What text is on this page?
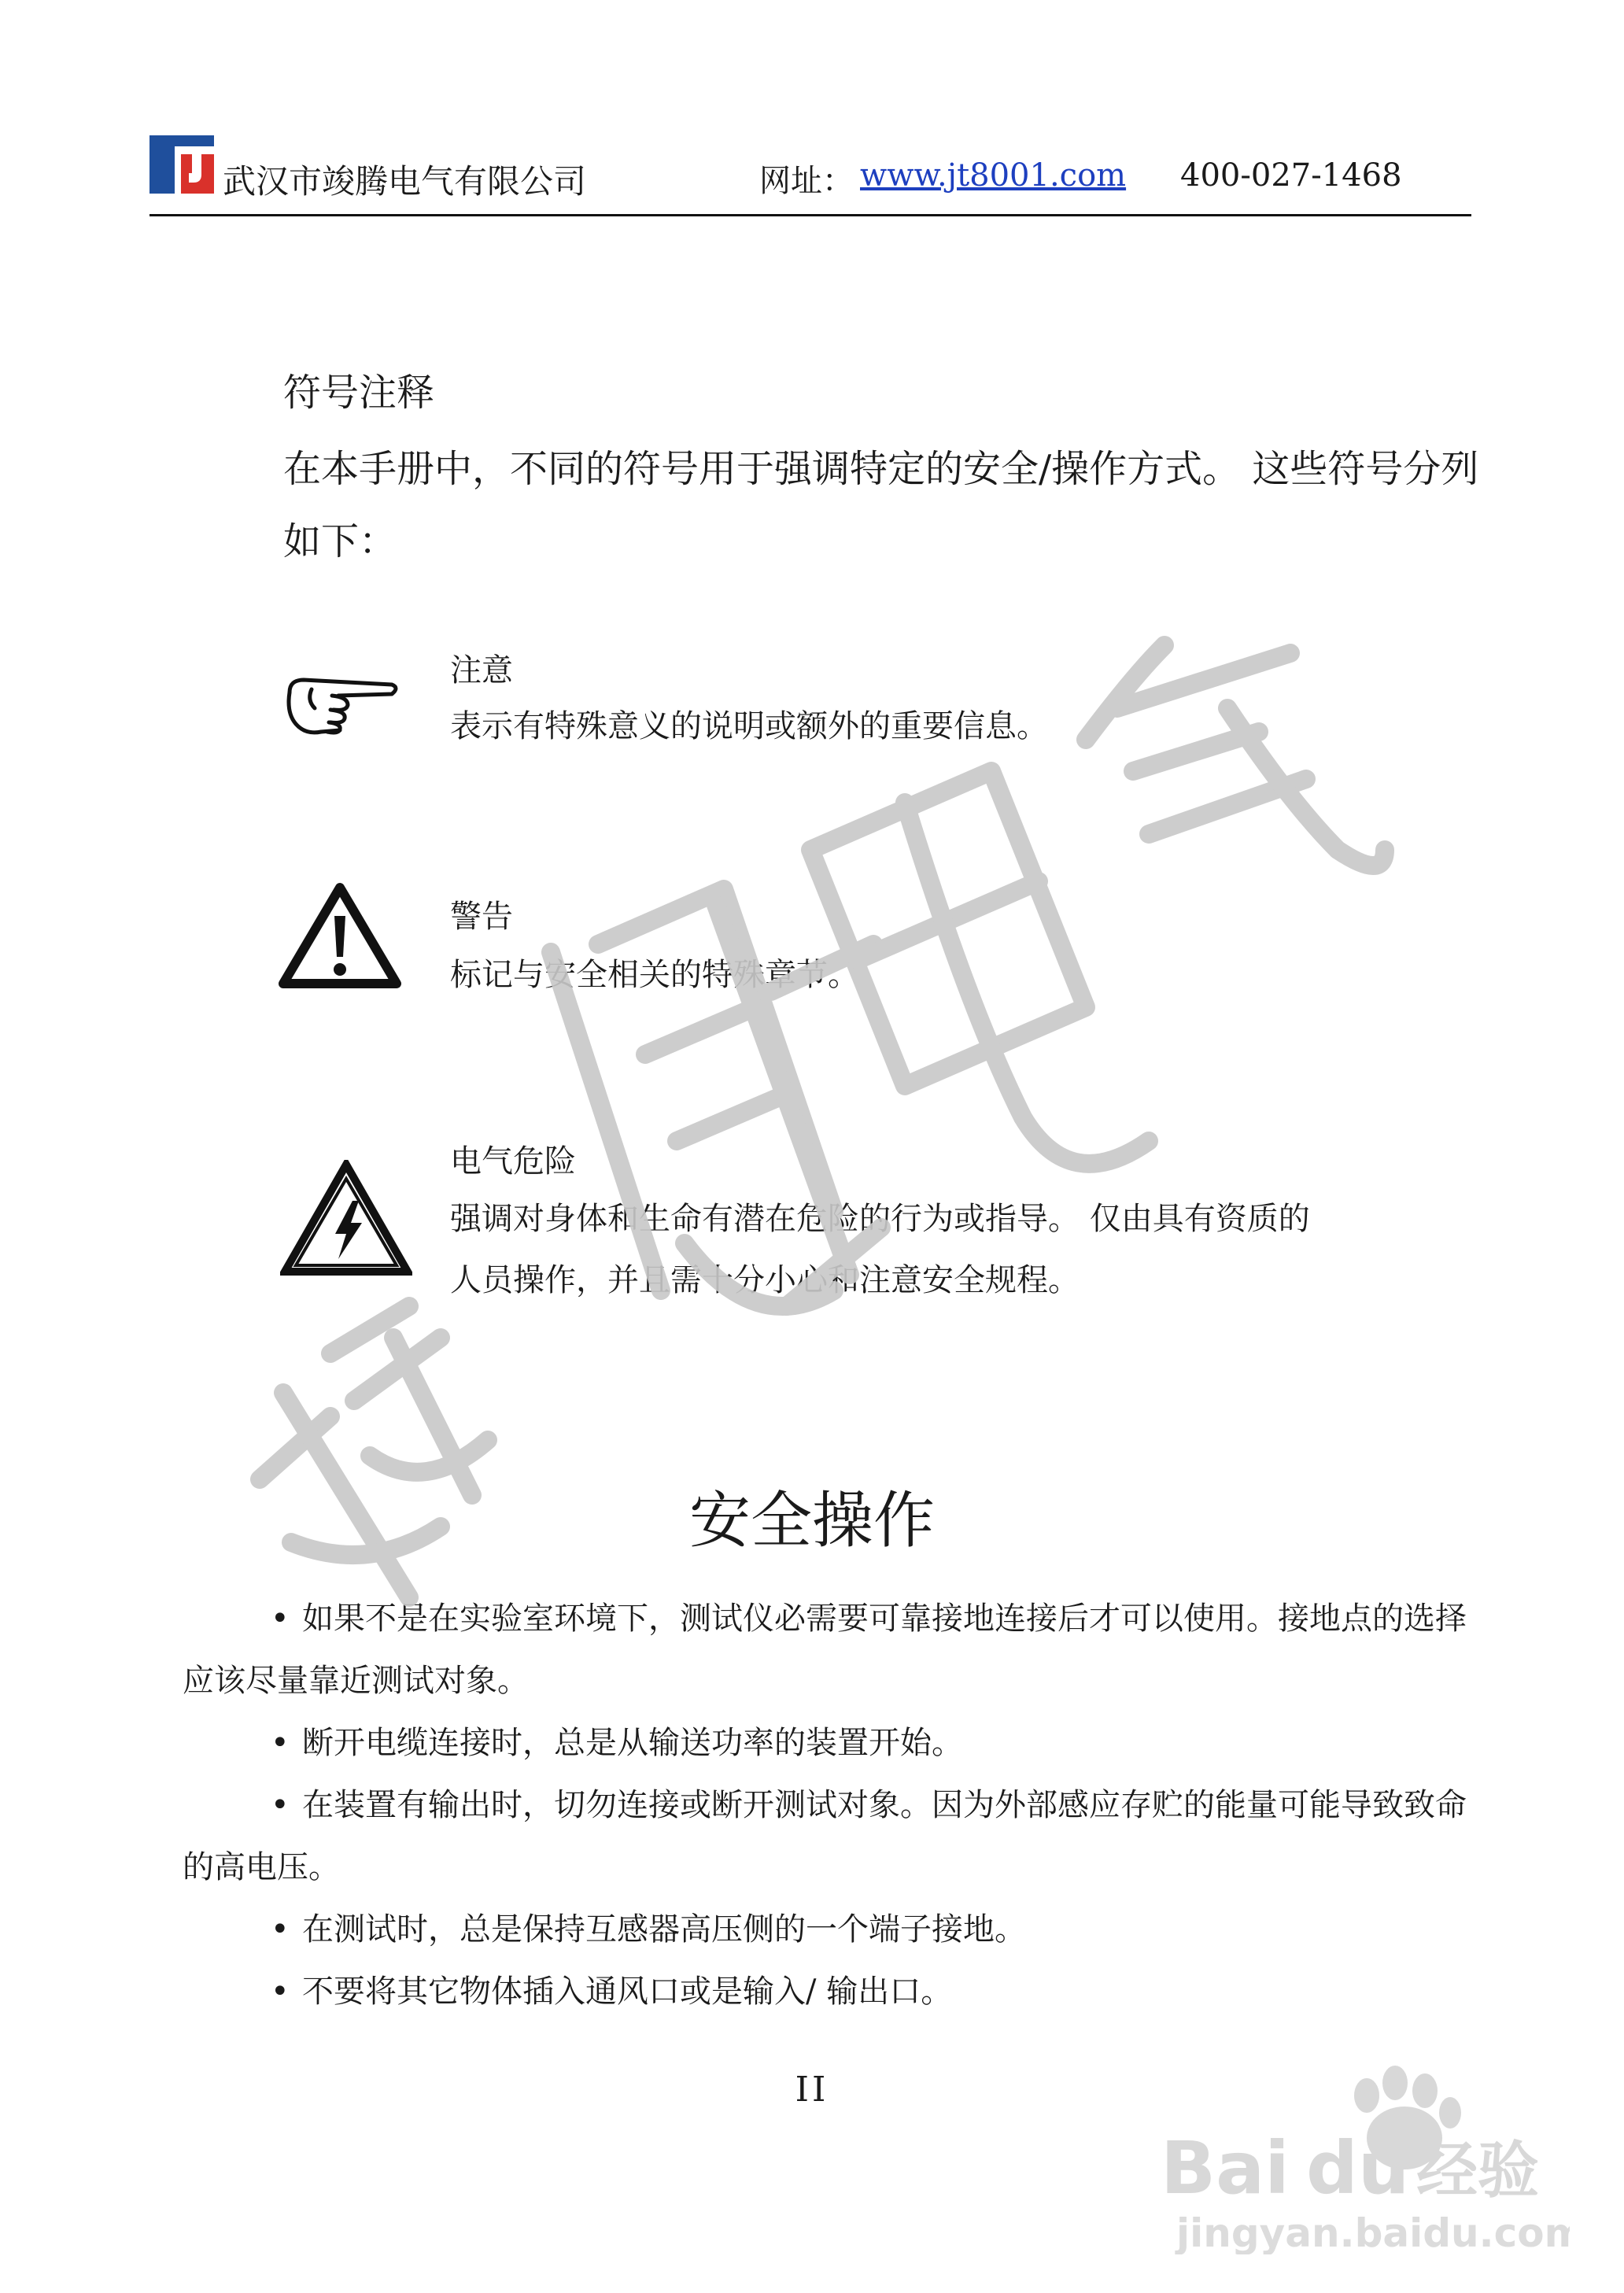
武汉市竣腾电气有限公司	网址： www.jt8001.com 400-027-1468
符号注释
在本手册中，不同的符号用于强调特定的安全/操作方式。 这些符号分列如下：
注意
表示有特殊意义的说明或额外的重要信息。
警告
标记与安全相关的特殊章节。
电气危险
强调对身体和生命有潜在危险的行为或指导。 仅由具有资质的
人员操作，并且需十分小心和注意安全规程。
安全操作

• 如果不是在实验室环境下，测试仪必需要可靠接地连接后才可以使用。接地点的选择应该尽量靠近测试对象。

• 断开电缆连接时，总是从输送功率的装置开始。

• 在装置有输出时，切勿连接或断开测试对象。因为外部感应存贮的能量可能导致致命的高电压。

• 在测试时，总是保持互感器高压侧的一个端子接地。

• 不要将其它物体插入通风口或是输入/ 输出口。

II
Bai du 经验
jingyan.baidu.com
